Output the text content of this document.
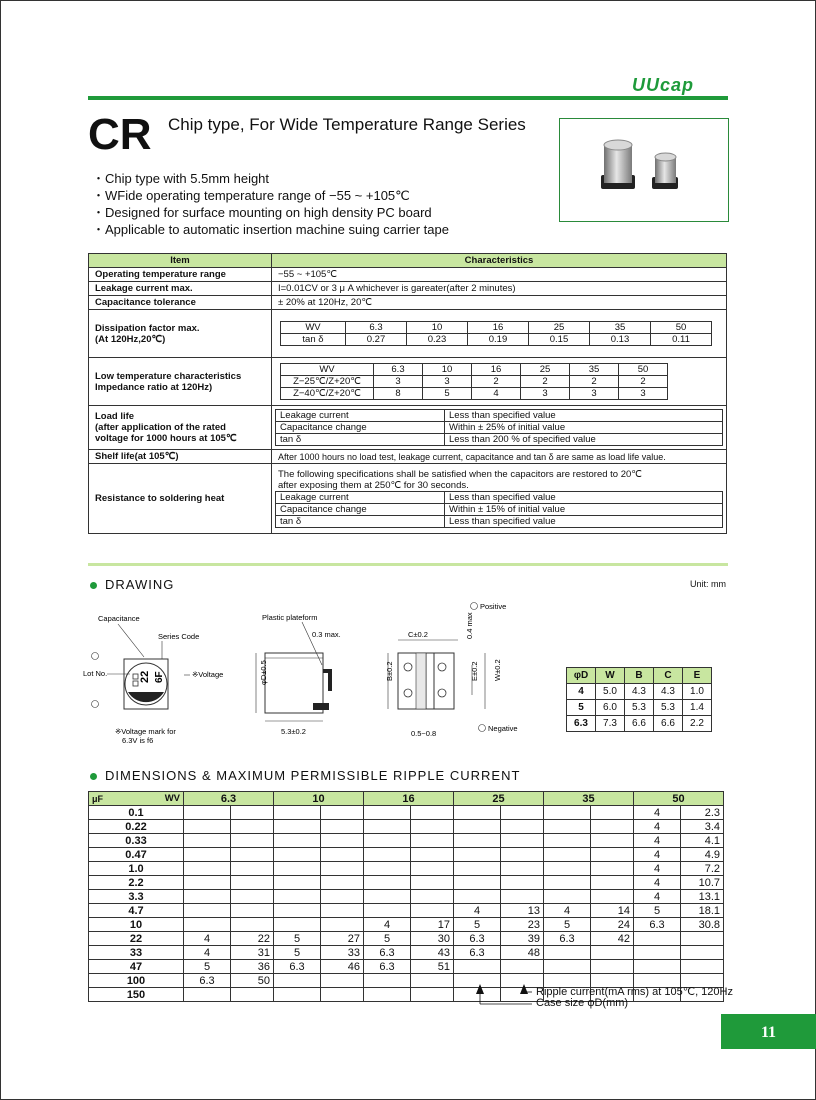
UUcap
CR Chip type, For Wide Temperature Range Series
・Chip type with 5.5mm height
・WFide operating temperature range of −55 ~ +105℃
・Designed for surface mounting on high density PC board
・Applicable to automatic insertion machine suing carrier tape
Item	Characteristics
Operating temperature range	−55 ~ +105℃
Leakage current max.	I=0.01CV or 3 μ A whichever is gareater(after 2 minutes)
Capacitance tolerance	± 20% at 120Hz, 20℃

Dissipation factor max.
(At 120Hz,20℃)

WV	6.3	10	16	25	35	50
tan δ	0.27	0.23	0.19	0.15	0.13	0.11

Low temperature characteristics
Impedance ratio at 120Hz)

WV	6.3	10	16	25	35	50
Z−25℃/Z+20℃	3	3	2	2	2	2
Z−40℃/Z+20℃	8	5	4	3	3	3

Load life
(after application of the rated
voltage for 1000 hours at 105℃

Leakage current	Less than specified value
Capacitance change	Within ± 25% of initial value
tan δ	Less than 200 % of specified value

Shelf life(at 105℃)	After 1000 hours no load test, leakage current, capacitance and tan δ are same as load life value.
Resistance to soldering heat	
The following specifications shall be satisfied when the capacitors are restored to 20℃
after exposing them at 250℃ for 30 seconds.
Leakage current	Less than specified value
Capacitance change	Within ± 15% of initial value
tan δ	Less than specified value
DRAWING	Unit: mm
Capacitance
Series Code
Lot No.	※Voltage
22 6F
※Voltage mark for
6.3V is f6
Plastic plateform
0.3 max.
φD±0.5
5.3±0.2
Positive
C±0.2	0.4 max
B±0.2	E±0.2 W±0.2
0.5~0.8
Negative
φD	W	B	C	E
4	5.0	4.3	4.3	1.0
5	6.0	5.3	5.3	1.4
6.3	7.3	6.6	6.6	2.2
DIMENSIONS & MAXIMUM PERMISSIBLE RIPPLE CURRENT
μF WV	6.3		10		16		25		35		50	
0.1											4	2.3
0.22											4	3.4
0.33											4	4.1
0.47											4	4.9
1.0											4	7.2
2.2											4	10.7
3.3											4	13.1
4.7							4	13	4	14	5	18.1
10					4	17	5	23	5	24	6.3	30.8
22	4	22	5	27	5	30	6.3	39	6.3	42		
33	4	31	5	33	6.3	43	6.3	48				
47	5	36	6.3	46	6.3	51						
100	6.3	50										
150													Ripple current(mA rms) at 105℃, 120Hz
Case size φD(mm)
11
